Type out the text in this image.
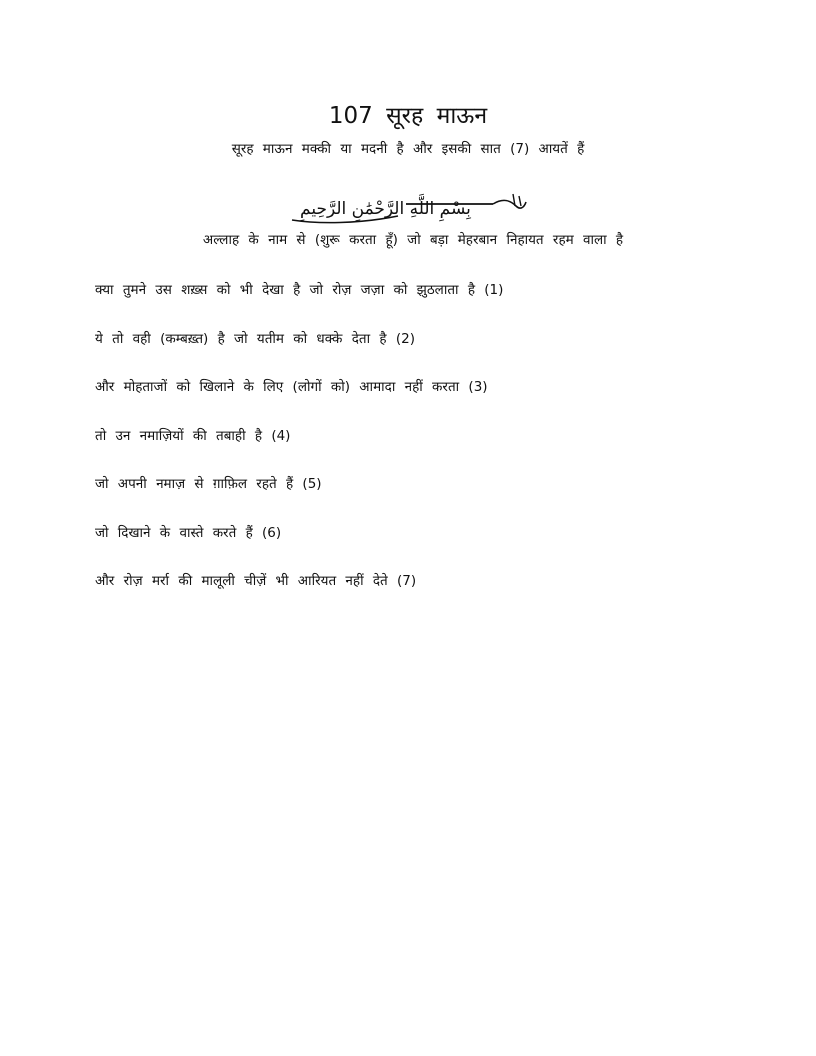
107 सूरह माऊन

सूरह माऊन मक्की या मदनी है और इसकी सात (7) आयतें हैं

بِسْمِ اللَّهِ الرَّحْمَٰنِ الرَّحِيمِ

अल्लाह के नाम से (शुरू करता हूँ) जो बड़ा मेहरबान निहायत रहम वाला है

क्या तुमने उस शख़्स को भी देखा है जो रोज़ जज़ा को झुठलाता है (1)
ये तो वही (कम्बख़्त) है जो यतीम को धक्के देता है (2)
और मोहताजों को खिलाने के लिए (लोगों को) आमादा नहीं करता (3)
तो उन नमाज़ियों की तबाही है (4)
जो अपनी नमाज़ से ग़ाफ़िल रहते हैं (5)
जो दिखाने के वास्ते करते हैं (6)
और रोज़ मर्रा की मालूली चीज़ें भी आरियत नहीं देते (7)
